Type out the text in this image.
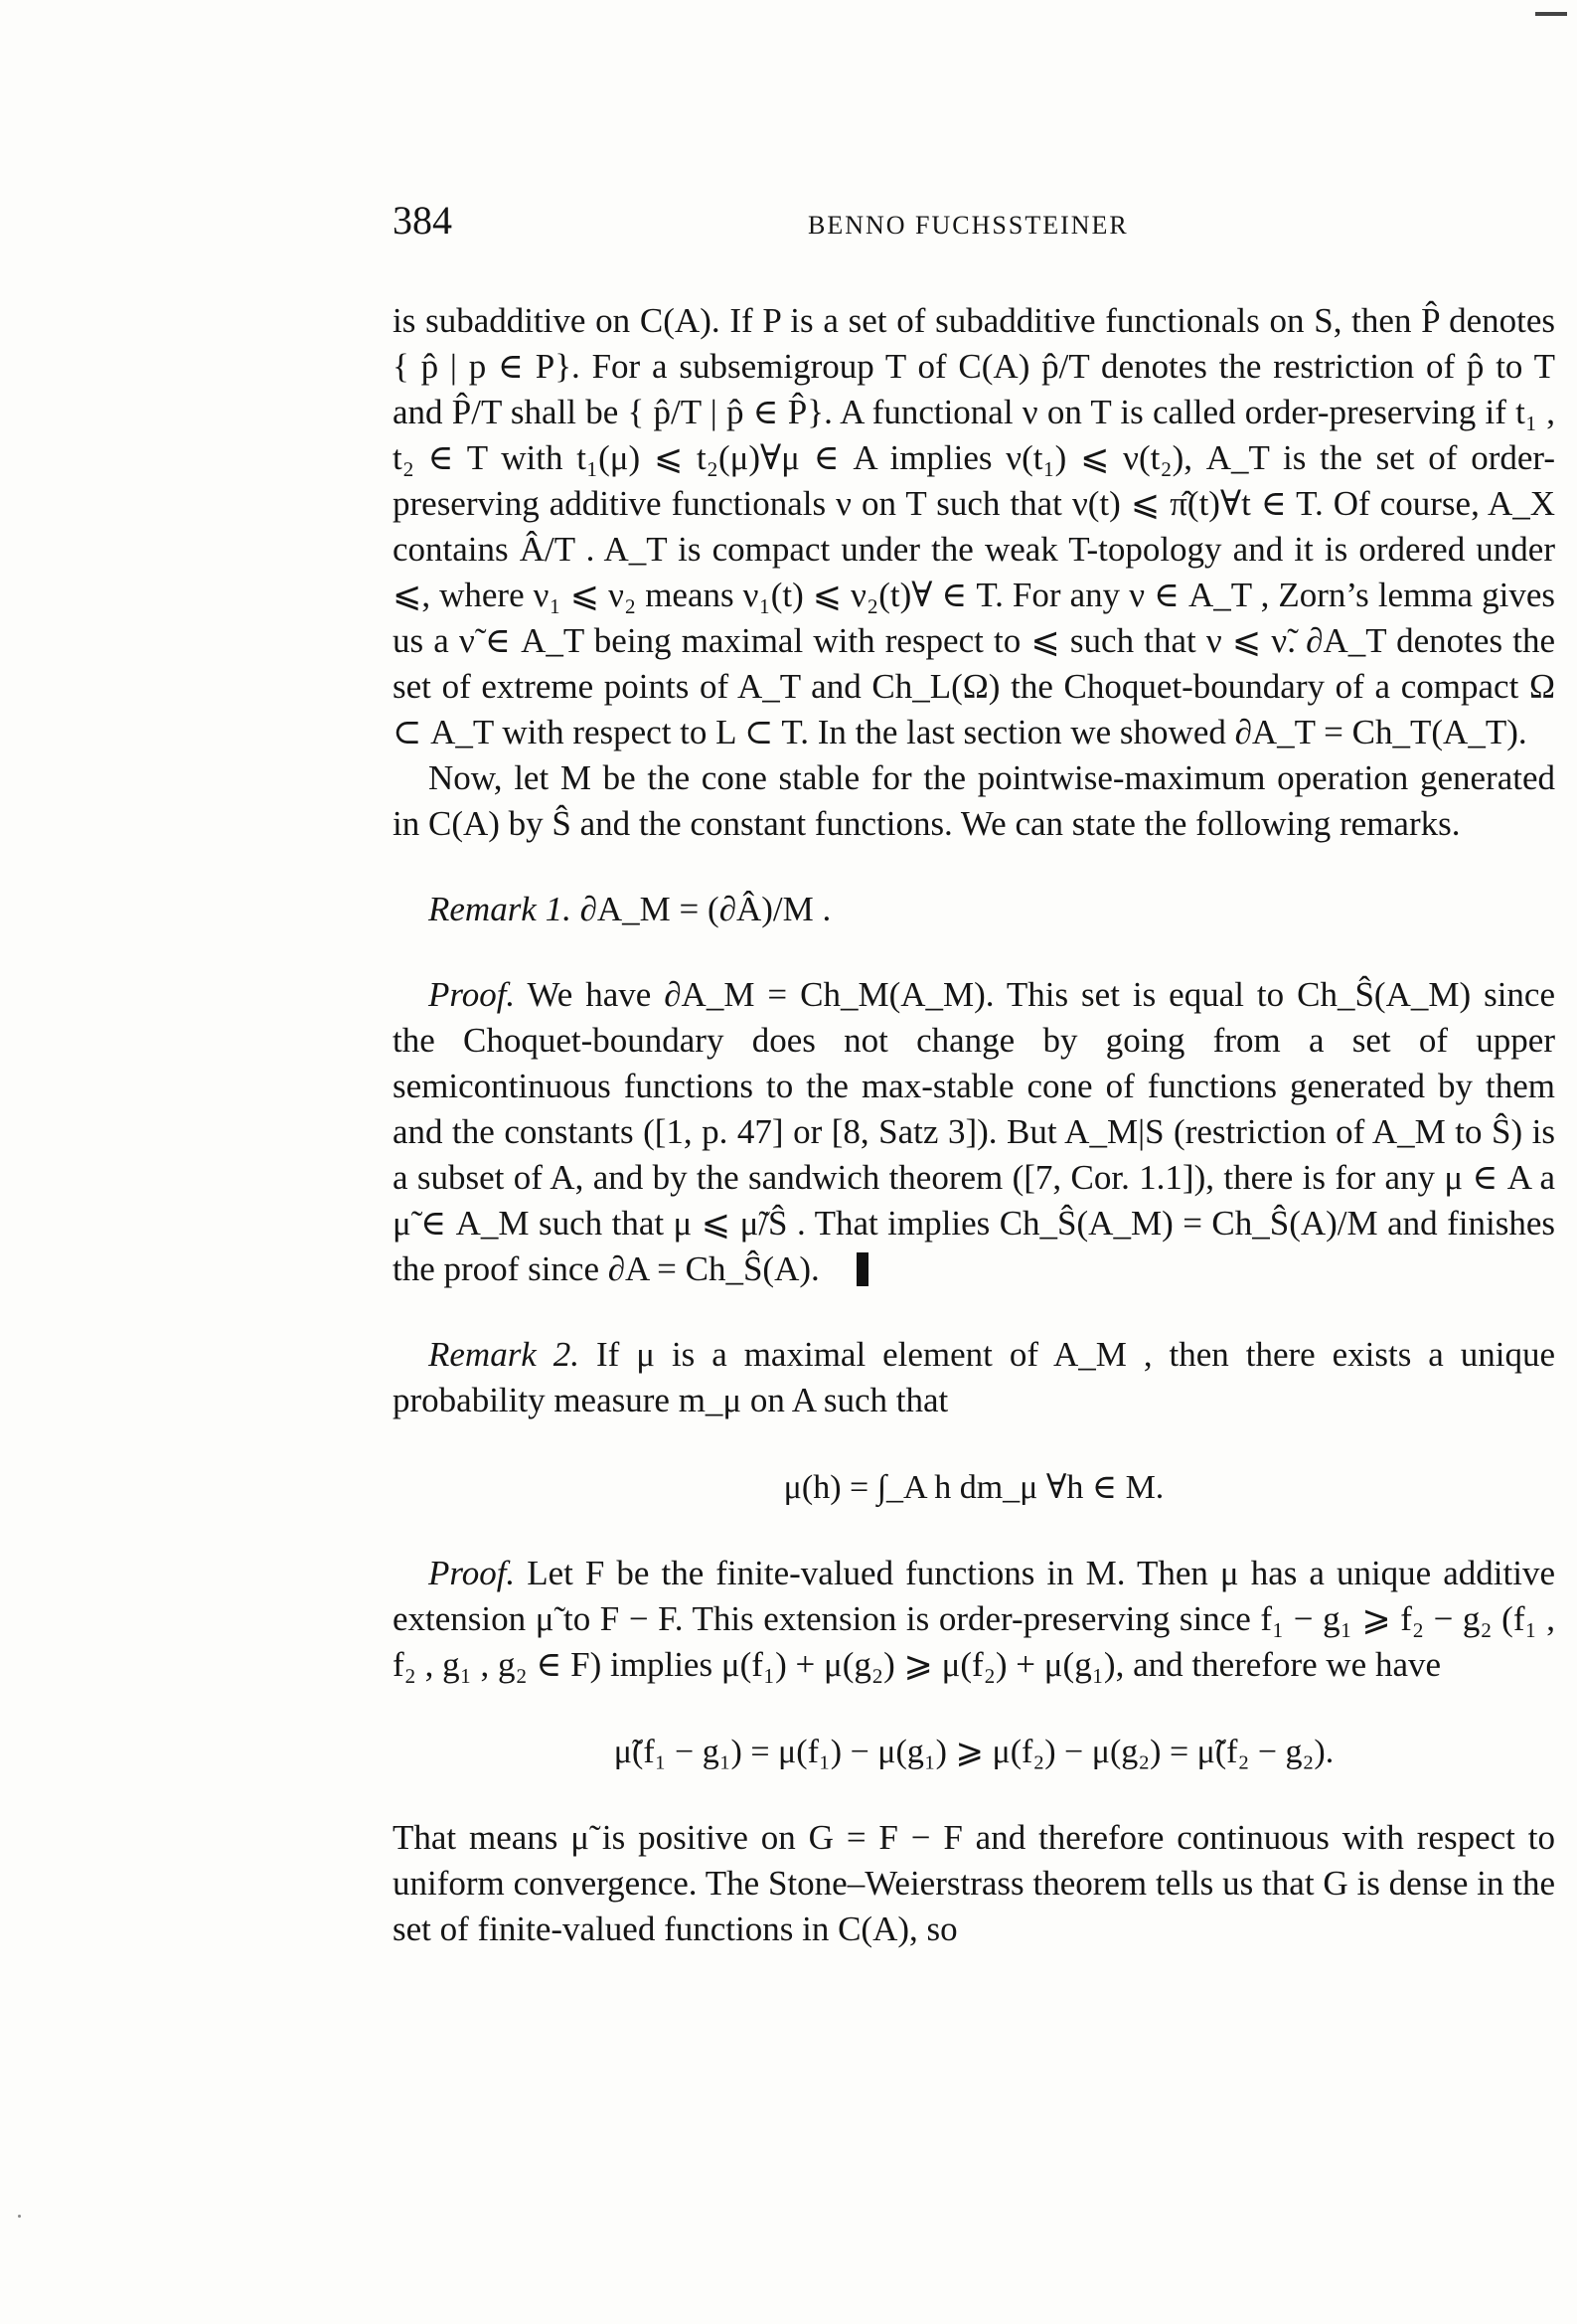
384	BENNO FUCHSSTEINER

is subadditive on C(A). If P is a set of subadditive functionals on S, then P̂ denotes { p̂ | p ∈ P}. For a subsemigroup T of C(A) p̂/T denotes the restriction of p̂ to T and P̂/T shall be { p̂/T | p̂ ∈ P̂}. A functional ν on T is called order-preserving if t₁ , t₂ ∈ T with t₁(μ) ⩽ t₂(μ)∀μ ∈ A implies ν(t₁) ⩽ ν(t₂), A_T is the set of order-preserving additive functionals ν on T such that ν(t) ⩽ π̂(t)∀t ∈ T. Of course, A_X contains Â/T . A_T is compact under the weak T-topology and it is ordered under ⩽, where ν₁ ⩽ ν₂ means ν₁(t) ⩽ ν₂(t)∀ ∈ T. For any ν ∈ A_T , Zorn’s lemma gives us a ν̃ ∈ A_T being maximal with respect to ⩽ such that ν ⩽ ν̃. ∂A_T denotes the set of extreme points of A_T and Ch_L(Ω) the Choquet-boundary of a compact Ω ⊂ A_T with respect to L ⊂ T. In the last section we showed ∂A_T = Ch_T(A_T).

Now, let M be the cone stable for the pointwise-maximum operation generated in C(A) by Ŝ and the constant functions. We can state the following remarks.

Remark 1. ∂A_M = (∂Â)/M .

Proof. We have ∂A_M = Ch_M(A_M). This set is equal to Ch_Ŝ(A_M) since the Choquet-boundary does not change by going from a set of upper semicontinuous functions to the max-stable cone of functions generated by them and the constants ([1, p. 47] or [8, Satz 3]). But A_M|S (restriction of A_M to Ŝ) is a subset of A, and by the sandwich theorem ([7, Cor. 1.1]), there is for any μ ∈ A a μ̃ ∈ A_M such that μ ⩽ μ̃/Ŝ . That implies Ch_Ŝ(A_M) = Ch_Ŝ(A)/M and finishes the proof since ∂A = Ch_Ŝ(A).

Remark 2. If μ is a maximal element of A_M , then there exists a unique probability measure m_μ on A such that

μ(h) = ∫_A h dm_μ ∀h ∈ M.

Proof. Let F be the finite-valued functions in M. Then μ has a unique additive extension μ̃ to F − F. This extension is order-preserving since f₁ − g₁ ⩾ f₂ − g₂ (f₁ , f₂ , g₁ , g₂ ∈ F) implies μ(f₁) + μ(g₂) ⩾ μ(f₂) + μ(g₁), and therefore we have

μ̃(f₁ − g₁) = μ(f₁) − μ(g₁) ⩾ μ(f₂) − μ(g₂) = μ̃(f₂ − g₂).

That means μ̃ is positive on G = F − F and therefore continuous with respect to uniform convergence. The Stone–Weierstrass theorem tells us that G is dense in the set of finite-valued functions in C(A), so
